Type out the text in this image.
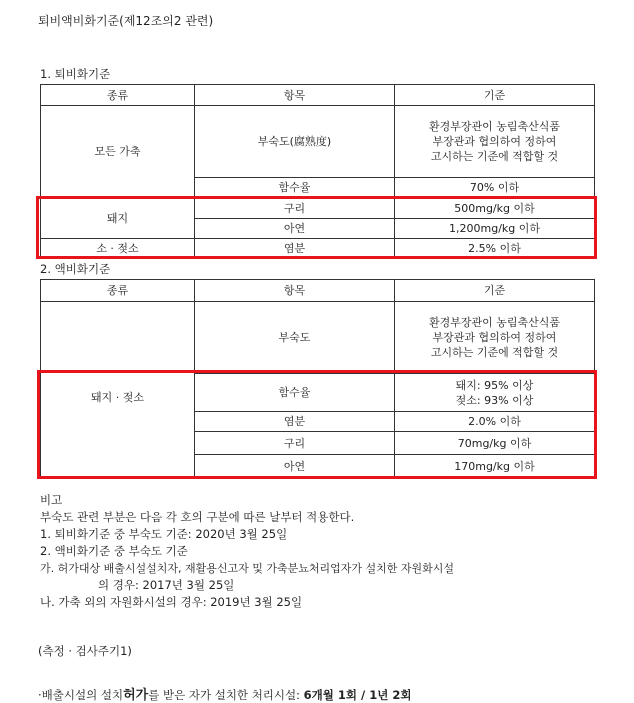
퇴비액비화기준(제12조의2 관련)
1. 퇴비화기준
종류	항목	기준
모든 가축	부숙도(腐熟度)	환경부장관이 농림축산식품
부장관과 협의하여 정하여
고시하는 기준에 적합할 것

	함수율	70% 이하
돼지	구리	500mg/kg 이하
	아연	1,200mg/kg 이하
소 · 젖소	염분	2.5% 이하
2. 액비화기준
종류	항목	기준
돼지 · 젖소	부숙도	환경부장관이 농림축산식품
부장관과 협의하여 정하여
고시하는 기준에 적합할 것

	함수율	돼지: 95% 이상
젖소: 93% 이상

	염분	2.0% 이하
	구리	70mg/kg 이하
	아연	170mg/kg 이하
비고
부숙도 관련 부분은 다음 각 호의 구분에 따른 날부터 적용한다.
1. 퇴비화기준 중 부숙도 기준: 2020년 3월 25일
2. 액비화기준 중 부숙도 기준
가. 허가대상 배출시설설치자, 재활용신고자 및 가축분뇨처리업자가 설치한 자원화시설
의 경우: 2017년 3월 25일
나. 가축 외의 자원화시설의 경우: 2019년 3월 25일
(측정 · 검사주기1)
·배출시설의 설치허가를 받은 자가 설치한 처리시설: 6개월 1회 / 1년 2회
